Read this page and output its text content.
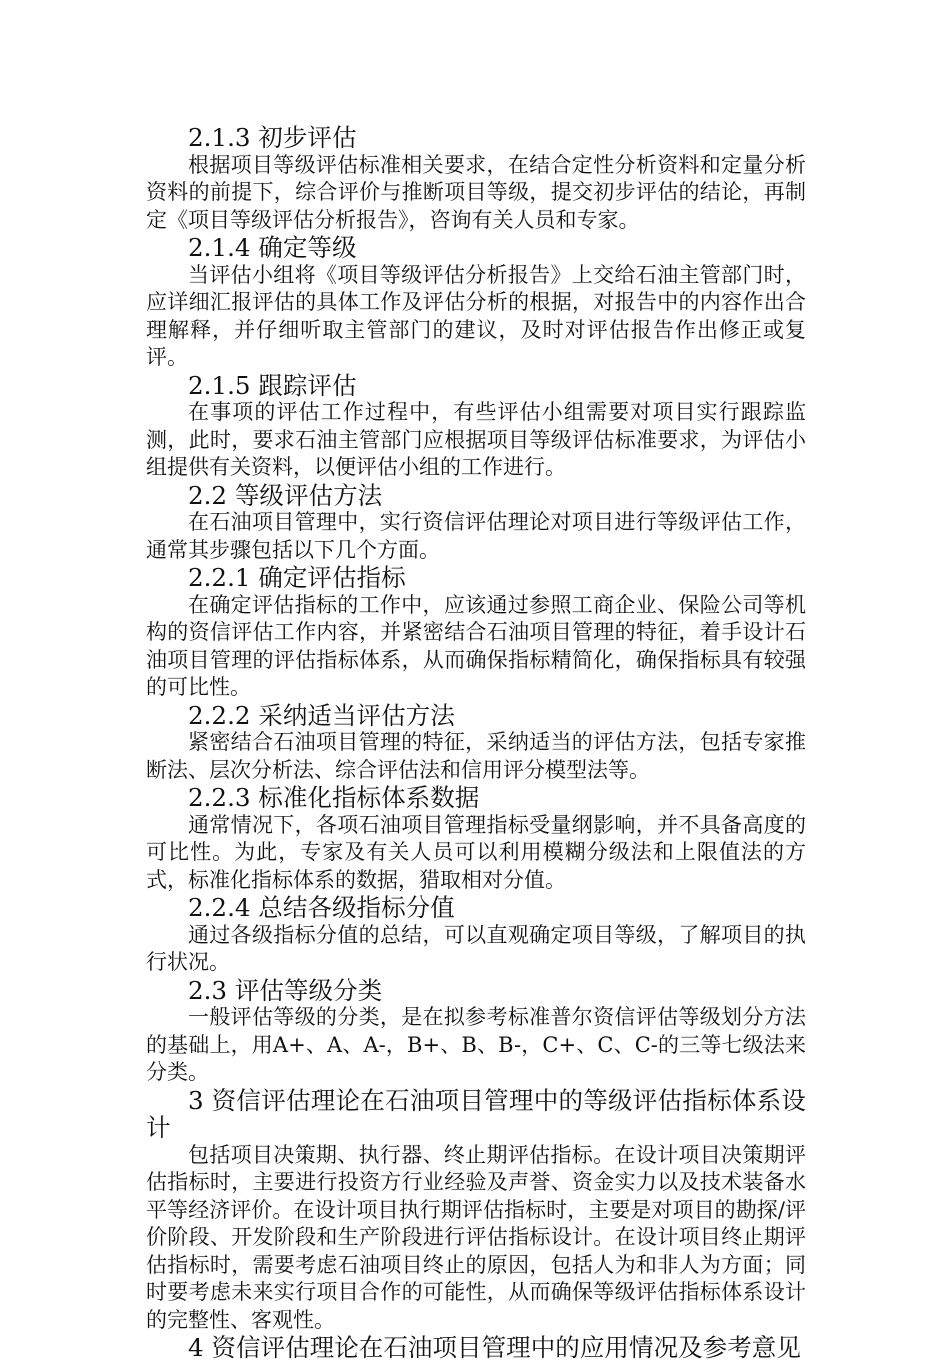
2.1.3 初步评估

根据项目等级评估标准相关要求，在结合定性分析资料和定量分析资料的前提下，综合评价与推断项目等级，提交初步评估的结论，再制定《项目等级评估分析报告》，咨询有关人员和专家。

2.1.4 确定等级

当评估小组将《项目等级评估分析报告》上交给石油主管部门时，应详细汇报评估的具体工作及评估分析的根据，对报告中的内容作出合理解释，并仔细听取主管部门的建议，及时对评估报告作出修正或复评。

2.1.5 跟踪评估

在事项的评估工作过程中，有些评估小组需要对项目实行跟踪监测，此时，要求石油主管部门应根据项目等级评估标准要求，为评估小组提供有关资料，以便评估小组的工作进行。

2.2 等级评估方法

在石油项目管理中，实行资信评估理论对项目进行等级评估工作，通常其步骤包括以下几个方面。

2.2.1 确定评估指标

在确定评估指标的工作中，应该通过参照工商企业、保险公司等机构的资信评估工作内容，并紧密结合石油项目管理的特征，着手设计石油项目管理的评估指标体系，从而确保指标精简化，确保指标具有较强的可比性。

2.2.2 采纳适当评估方法

紧密结合石油项目管理的特征，采纳适当的评估方法，包括专家推断法、层次分析法、综合评估法和信用评分模型法等。

2.2.3 标准化指标体系数据

通常情况下，各项石油项目管理指标受量纲影响，并不具备高度的可比性。为此，专家及有关人员可以利用模糊分级法和上限值法的方式，标准化指标体系的数据，猎取相对分值。

2.2.4 总结各级指标分值

通过各级指标分值的总结，可以直观确定项目等级，了解项目的执行状况。

2.3 评估等级分类

一般评估等级的分类，是在拟参考标准普尔资信评估等级划分方法的基础上，用A+、A、A-，B+、B、B-，C+、C、C-的三等七级法来分类。

3 资信评估理论在石油项目管理中的等级评估指标体系设计

包括项目决策期、执行器、终止期评估指标。在设计项目决策期评估指标时，主要进行投资方行业经验及声誉、资金实力以及技术装备水平等经济评价。在设计项目执行期评估指标时，主要是对项目的勘探/评价阶段、开发阶段和生产阶段进行评估指标设计。在设计项目终止期评估指标时，需要考虑石油项目终止的原因，包括人为和非人为方面；同时要考虑未来实行项目合作的可能性，从而确保等级评估指标体系设计的完整性、客观性。

4 资信评估理论在石油项目管理中的应用情况及参考意见
